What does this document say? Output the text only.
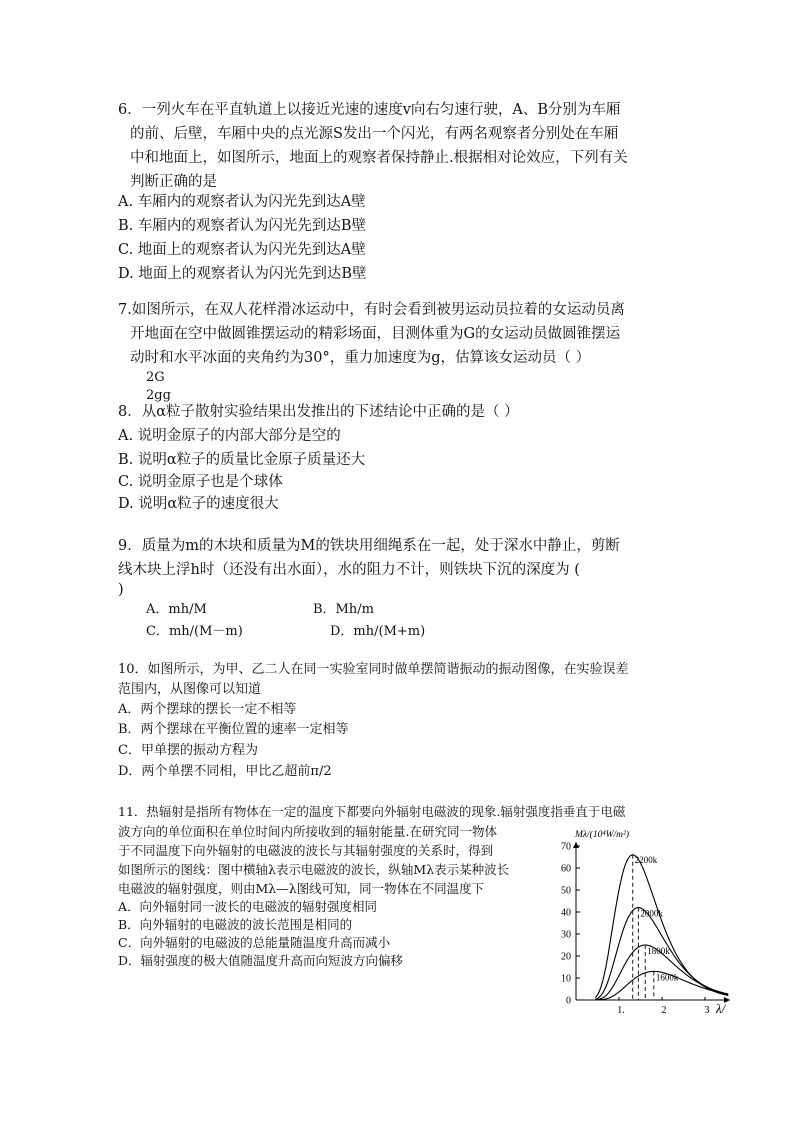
6．一列火车在平直轨道上以接近光速的速度v向右匀速行驶，A、B分别为车厢
的前、后壁，车厢中央的点光源S发出一个闪光，有两名观察者分别处在车厢
中和地面上，如图所示，地面上的观察者保持静止.根据相对论效应，下列有关
判断正确的是
A. 车厢内的观察者认为闪光先到达A壁
B. 车厢内的观察者认为闪光先到达B壁
C. 地面上的观察者认为闪光先到达A壁
D. 地面上的观察者认为闪光先到达B壁
7.如图所示，在双人花样滑冰运动中，有时会看到被男运动员拉着的女运动员离
开地面在空中做圆锥摆运动的精彩场面，目测体重为G的女运动员做圆锥摆运
动时和水平冰面的夹角约为30°，重力加速度为g，估算该女运动员（ ）
2G
2gg
8．从α粒子散射实验结果出发推出的下述结论中正确的是（ ）
A. 说明金原子的内部大部分是空的
B. 说明α粒子的质量比金原子质量还大
C. 说明金原子也是个球体
D. 说明α粒子的速度很大
9．质量为m的木块和质量为M的铁块用细绳系在一起，处于深水中静止，剪断
线木块上浮h时（还没有出水面），水的阻力不计，则铁块下沉的深度为 (
)
A．mh/M	B．Mh/m
C．mh/(M－m)	D．mh/(M+m)
10．如图所示，为甲、乙二人在同一实验室同时做单摆简谐振动的振动图像，在实验误差
范围内，从图像可以知道
A．两个摆球的摆长一定不相等
B．两个摆球在平衡位置的速率一定相等
C．甲单摆的振动方程为
D．两个单摆不同相，甲比乙超前π/2
11．热辐射是指所有物体在一定的温度下都要向外辐射电磁波的现象.辐射强度指垂直于电磁
波方向的单位面积在单位时间内所接收到的辐射能量.在研究同一物体
于不同温度下向外辐射的电磁波的波长与其辐射强度的关系时，得到
如图所示的图线：图中横轴λ表示电磁波的波长，纵轴Mλ表示某种波长
电磁波的辐射强度，则由Mλ—λ图线可知，同一物体在不同温度下
A．向外辐射同一波长的电磁波的辐射强度相同
B．向外辐射的电磁波的波长范围是相同的
C．向外辐射的电磁波的总能量随温度升高而减小
D．辐射强度的极大值随温度升高而向短波方向偏移
Mλ/(10⁴W/m²)
0
10
20
30
40
50
60
70
1.	2	3
2200k
2000k
1800k
1600k
λ/
